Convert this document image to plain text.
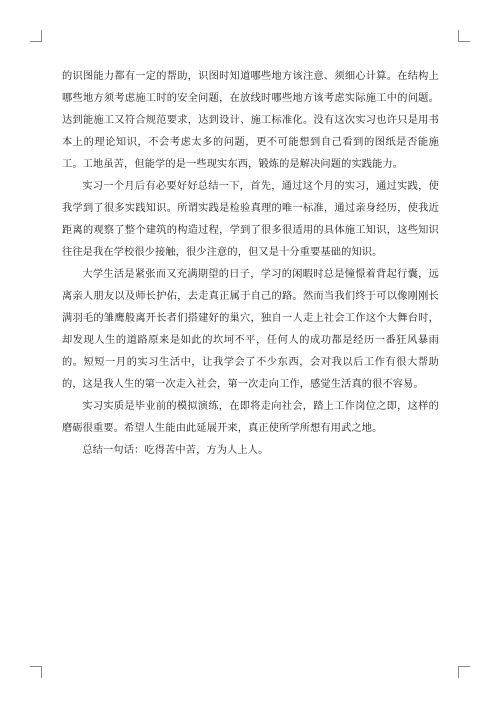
的识图能力都有一定的帮助，识图时知道哪些地方该注意、须细心计算。在结构上哪些地方须考虑施工时的安全问题，在放线时哪些地方该考虑实际施工中的问题。达到能施工又符合规范要求，达到设计、施工标准化。没有这次实习也许只是用书本上的理论知识，不会考虑太多的问题，更不可能想到自己看到的图纸是否能施工。工地虽苦，但能学的是一些现实东西，锻炼的是解决问题的实践能力。

实习一个月后有必要好好总结一下，首先，通过这个月的实习，通过实践，使我学到了很多实践知识。所谓实践是检验真理的唯一标准，通过亲身经历，使我近距离的观察了整个建筑的构造过程，学到了很多很适用的具体施工知识，这些知识往往是我在学校很少接触，很少注意的，但又是十分重要基础的知识。

大学生活是紧张而又充满期望的日子，学习的闲暇时总是憧憬着背起行囊，远离亲人朋友以及师长护佑，去走真正属于自己的路。然而当我们终于可以像刚刚长满羽毛的雏鹰般离开长者们搭建好的巢穴，独自一人走上社会工作这个大舞台时，却发现人生的道路原来是如此的坎坷不平，任何人的成功都是经历一番狂风暴雨的。短短一月的实习生活中，让我学会了不少东西，会对我以后工作有很大帮助的，这是我人生的第一次走入社会，第一次走向工作，感觉生活真的很不容易。

实习实质是毕业前的模拟演练，在即将走向社会，踏上工作岗位之即，这样的磨砺很重要。希望人生能由此延展开来，真正使所学所想有用武之地。

总结一句话：吃得苦中苦，方为人上人。
